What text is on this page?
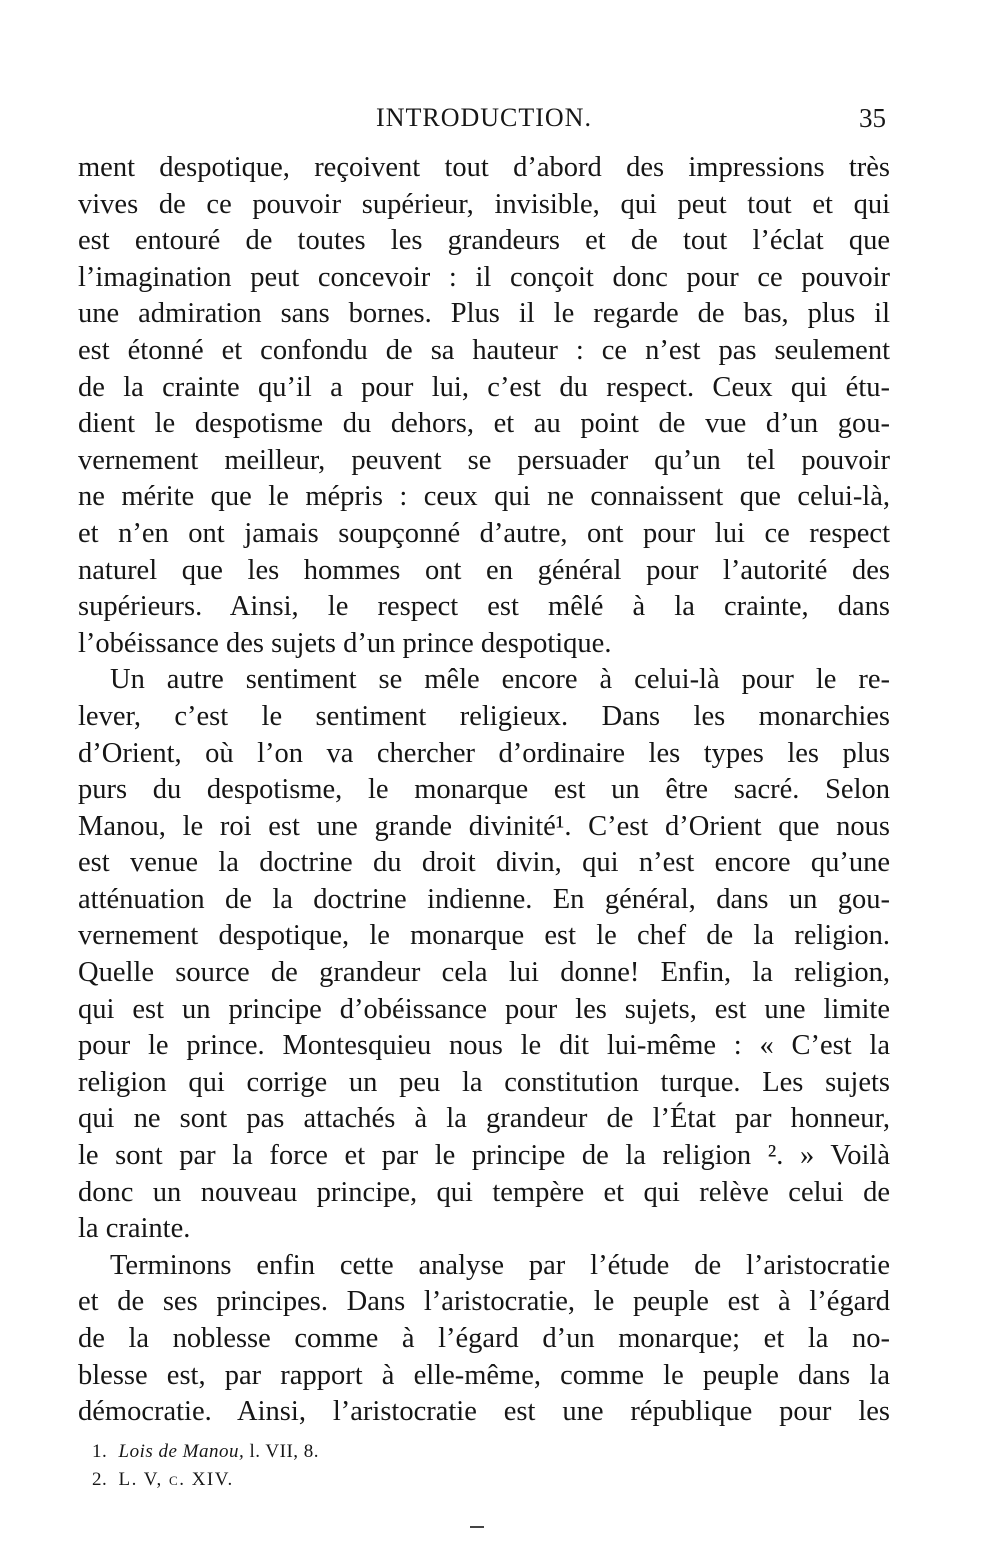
INTRODUCTION.	35
ment despotique, reçoivent tout d’abord des impressions très
vives de ce pouvoir supérieur, invisible, qui peut tout et qui
est entouré de toutes les grandeurs et de tout l’éclat que
l’imagination peut concevoir : il conçoit donc pour ce pouvoir
une admiration sans bornes. Plus il le regarde de bas, plus il
est étonné et confondu de sa hauteur : ce n’est pas seulement
de la crainte qu’il a pour lui, c’est du respect. Ceux qui étu-
dient le despotisme du dehors, et au point de vue d’un gou-
vernement meilleur, peuvent se persuader qu’un tel pouvoir
ne mérite que le mépris : ceux qui ne connaissent que celui-là,
et n’en ont jamais soupçonné d’autre, ont pour lui ce respect
naturel que les hommes ont en général pour l’autorité des
supérieurs. Ainsi, le respect est mêlé à la crainte, dans
l’obéissance des sujets d’un prince despotique.
Un autre sentiment se mêle encore à celui-là pour le re-
lever, c’est le sentiment religieux. Dans les monarchies
d’Orient, où l’on va chercher d’ordinaire les types les plus
purs du despotisme, le monarque est un être sacré. Selon
Manou, le roi est une grande divinité¹. C’est d’Orient que nous
est venue la doctrine du droit divin, qui n’est encore qu’une
atténuation de la doctrine indienne. En général, dans un gou-
vernement despotique, le monarque est le chef de la religion.
Quelle source de grandeur cela lui donne! Enfin, la religion,
qui est un principe d’obéissance pour les sujets, est une limite
pour le prince. Montesquieu nous le dit lui-même : « C’est la
religion qui corrige un peu la constitution turque. Les sujets
qui ne sont pas attachés à la grandeur de l’État par honneur,
le sont par la force et par le principe de la religion ². » Voilà
donc un nouveau principe, qui tempère et qui relève celui de
la crainte.
Terminons enfin cette analyse par l’étude de l’aristocratie
et de ses principes. Dans l’aristocratie, le peuple est à l’égard
de la noblesse comme à l’égard d’un monarque; et la no-
blesse est, par rapport à elle-même, comme le peuple dans la
démocratie. Ainsi, l’aristocratie est une république pour les
1. Lois de Manou, l. VII, 8.
2. L. V, c. XIV.
